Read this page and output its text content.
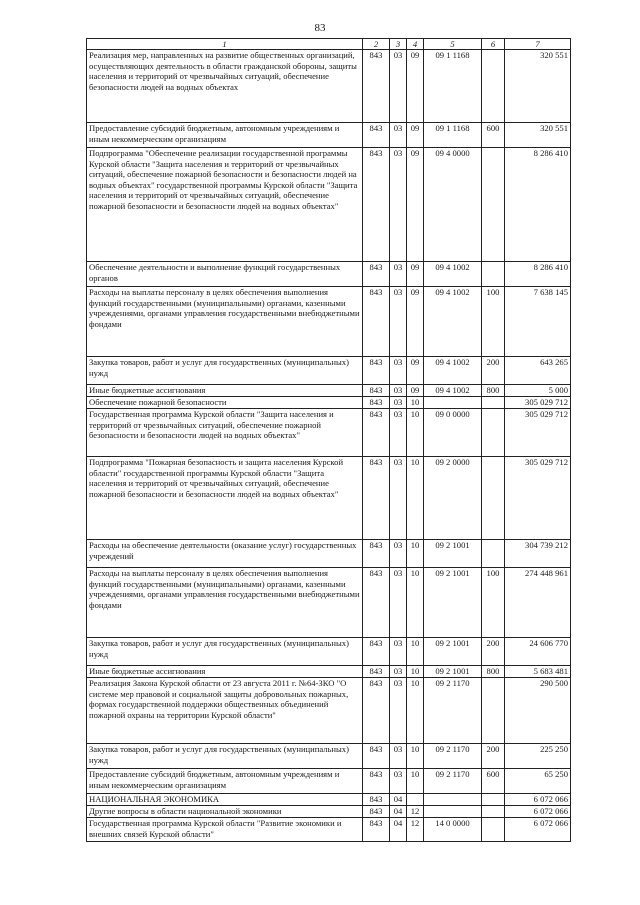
83
1	2	3	4	5	6	7
Реализация мер, направленных на развитие общественных организаций, осуществляющих деятельность в области гражданской обороны, защиты населения и территорий от чрезвычайных ситуаций, обеспечение безопасности людей на водных объектах	843	03	09	09 1 1168		320 551
Предоставление субсидий бюджетным, автономным учреждениям и иным некоммерческим организациям	843	03	09	09 1 1168	600	320 551
Подпрограмма "Обеспечение реализации государственной программы Курской области "Защита населения и территорий от чрезвычайных ситуаций, обеспечение пожарной безопасности и безопасности людей на водных объектах" государственной программы Курской области "Защита населения и территорий от чрезвычайных ситуаций, обеспечение пожарной безопасности и безопасности людей на водных объектах"	843	03	09	09 4 0000		8 286 410
Обеспечение деятельности и выполнение функций государственных органов	843	03	09	09 4 1002		8 286 410
Расходы на выплаты персоналу в целях обеспечения выполнения функций государственными (муниципальными) органами, казенными учреждениями, органами управления государственными внебюджетными фондами	843	03	09	09 4 1002	100	7 638 145
Закупка товаров, работ и услуг для государственных (муниципальных) нужд	843	03	09	09 4 1002	200	643 265
Иные бюджетные ассигнования	843	03	09	09 4 1002	800	5 000
Обеспечение пожарной безопасности	843	03	10			305 029 712
Государственная программа Курской области "Защита населения и территорий от чрезвычайных ситуаций, обеспечение пожарной безопасности и безопасности людей на водных объектах"	843	03	10	09 0 0000		305 029 712
Подпрограмма "Пожарная безопасность и защита населения Курской области" государственной программы Курской области "Защита населения и территорий от чрезвычайных ситуаций, обеспечение пожарной безопасности и безопасности людей на водных объектах"	843	03	10	09 2 0000		305 029 712
Расходы на обеспечение деятельности (оказание услуг) государственных учреждений	843	03	10	09 2 1001		304 739 212
Расходы на выплаты персоналу в целях обеспечения выполнения функций государственными (муниципальными) органами, казенными учреждениями, органами управления государственными внебюджетными фондами	843	03	10	09 2 1001	100	274 448 961
Закупка товаров, работ и услуг для государственных (муниципальных) нужд	843	03	10	09 2 1001	200	24 606 770
Иные бюджетные ассигнования	843	03	10	09 2 1001	800	5 683 481
Реализация Закона Курской области от 23 августа 2011 г. №64-ЗКО "О системе мер правовой и социальной защиты добровольных пожарных, формах государственной поддержки общественных объединений пожарной охраны на территории Курской области"	843	03	10	09 2 1170		290 500
Закупка товаров, работ и услуг для государственных (муниципальных) нужд	843	03	10	09 2 1170	200	225 250
Предоставление субсидий бюджетным, автономным учреждениям и иным некоммерческим организациям	843	03	10	09 2 1170	600	65 250
НАЦИОНАЛЬНАЯ ЭКОНОМИКА	843	04				6 072 066
Другие вопросы в области национальной экономики	843	04	12			6 072 066
Государственная программа Курской области "Развитие экономики и внешних связей Курской области"	843	04	12	14 0 0000		6 072 066
